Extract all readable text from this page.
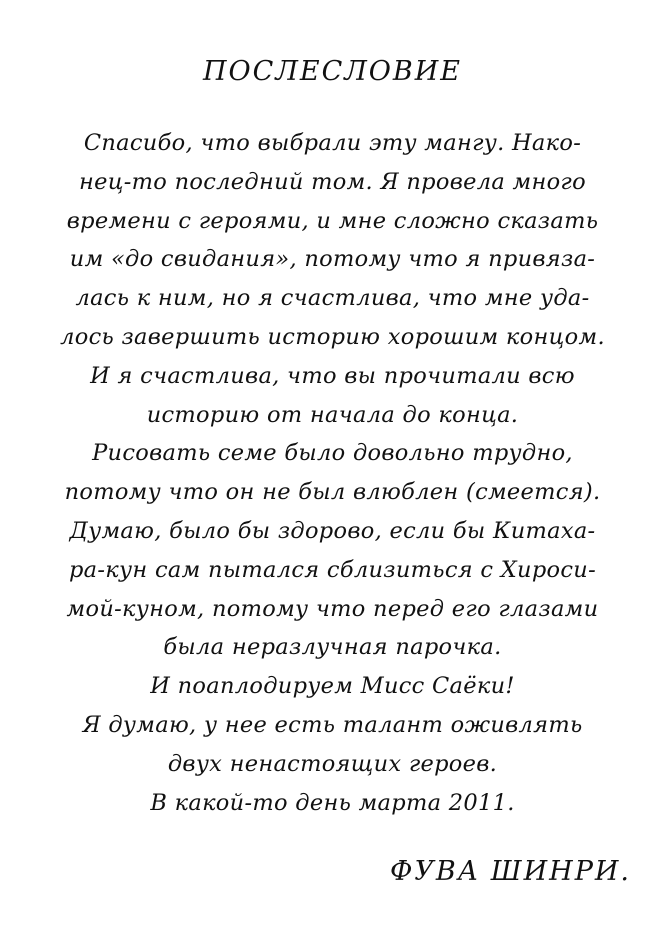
ПОСЛЕСЛОВИЕ
Спасибо, что выбрали эту мангу. Нако-
нец-то последний том. Я провела много
времени с героями, и мне сложно сказать
им «до свидания», потому что я привяза-
лась к ним, но я счастлива, что мне уда-
лось завершить историю хорошим концом.
И я счастлива, что вы прочитали всю
историю от начала до конца.
Рисовать семе было довольно трудно,
потому что он не был влюблен (смеется).
Думаю, было бы здорово, если бы Китаха-
ра-кун сам пытался сблизиться с Хироси-
мой-куном, потому что перед его глазами
была неразлучная парочка.
И поаплодируем Мисс Саёки!
Я думаю, у нее есть талант оживлять
двух ненастоящих героев.
В какой-то день марта 2011.
ФУВА ШИНРИ.
